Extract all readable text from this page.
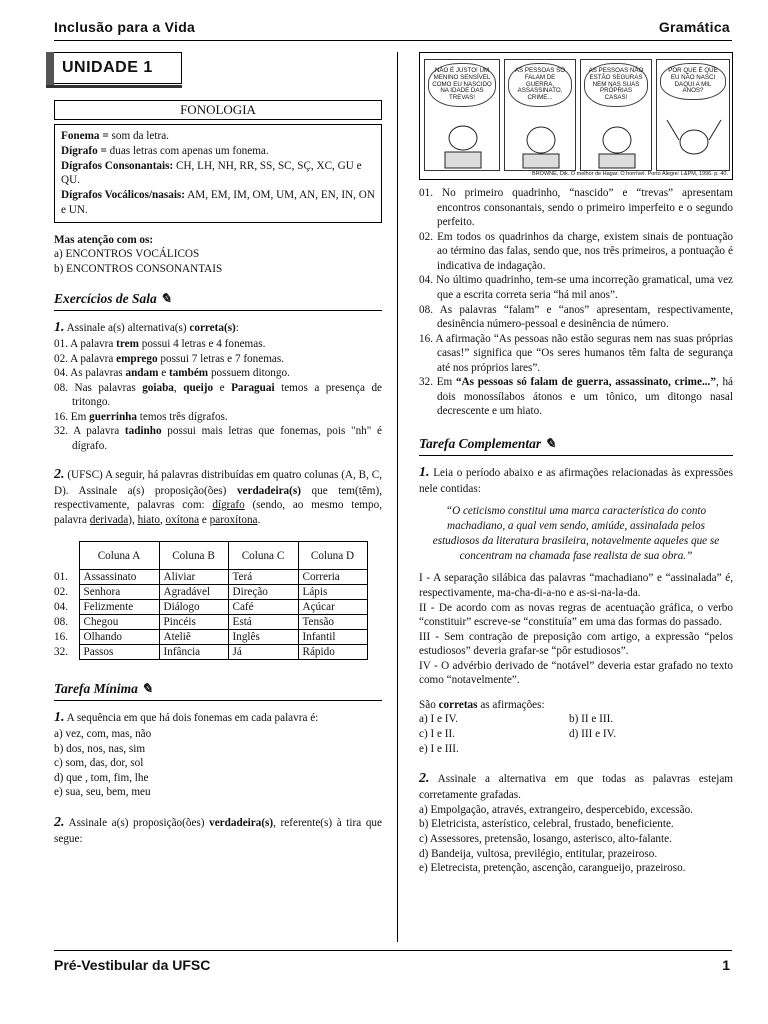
Inclusão para a Vida	Gramática
UNIDADE 1
FONOLOGIA

Fonema = som da letra.

Dígrafo = duas letras com apenas um fonema.

Dígrafos Consonantais: CH, LH, NH, RR, SS, SC, SÇ, XC, GU e QU.

Dígrafos Vocálicos/nasais: AM, EM, IM, OM, UM, AN, EN, IN, ON e UN.

Mas atenção com os:

a) ENCONTROS VOCÁLICOS

b) ENCONTROS CONSONANTAIS

Exercícios de Sala ✎

1. Assinale a(s) alternativa(s) correta(s):

01. A palavra trem possui 4 letras e 4 fonemas.

02. A palavra emprego possui 7 letras e 7 fonemas.

04. As palavras andam e também possuem ditongo.

08. Nas palavras goiaba, queijo e Paraguai temos a presença de tritongo.

16. Em guerrinha temos três dígrafos.

32. A palavra tadinho possui mais letras que fonemas, pois "nh" é dígrafo.

2. (UFSC) A seguir, há palavras distribuídas em quatro colunas (A, B, C, D). Assinale a(s) proposição(ões) verdadeira(s) que tem(têm), respectivamente, palavras com: dígrafo (sendo, ao mesmo tempo, palavra derivada), hiato, oxítona e paroxítona.

	Coluna A	Coluna B	Coluna C	Coluna D
01.	Assassinato	Aliviar	Terá	Correria
02.	Senhora	Agradável	Direção	Lápis
04.	Felizmente	Diálogo	Café	Açúcar
08.	Chegou	Pincéis	Está	Tensão
16.	Olhando	Ateliê	Inglês	Infantil
32.	Passos	Infância	Já	Rápido
Tarefa Mínima ✎

1. A sequência em que há dois fonemas em cada palavra é:

a) vez, com, mas, não

b) dos, nos, nas, sim

c) som, das, dor, sol

d) que , tom, fim, lhe

e) sua, seu, bem, meu

2. Assinale a(s) proposição(ões) verdadeira(s), referente(s) à tira que segue:

NÃO É JUSTO! UM MENINO SENSÍVEL COMO EU NASCIDO NA IDADE DAS TREVAS!
AS PESSOAS SÓ FALAM DE GUERRA, ASSASSINATO, CRIME...
AS PESSOAS NÃO ESTÃO SEGURAS NEM NAS SUAS PRÓPRIAS CASAS!
POR QUE É QUE EU NÃO NASCI DAQUI A MIL ANOS?
BROWNE, Dik. O melhor de Hagar. O horrível. Porto Alegre: L&PM, 1996. p. 40.

01. No primeiro quadrinho, “nascido” e “trevas” apresentam encontros consonantais, sendo o primeiro imperfeito e o segundo perfeito.

02. Em todos os quadrinhos da charge, existem sinais de pontuação ao término das falas, sendo que, nos três primeiros, a pontuação é indicativa de indagação.

04. No último quadrinho, tem-se uma incorreção gramatical, uma vez que a escrita correta seria “há mil anos”.

08. As palavras “falam” e “anos” apresentam, respectivamente, desinência número-pessoal e desinência de número.

16. A afirmação “As pessoas não estão seguras nem nas suas próprias casas!” significa que “Os seres humanos têm falta de segurança até nos próprios lares”.

32. Em “As pessoas só falam de guerra, assassinato, crime...”, há dois monossílabos átonos e um tônico, um ditongo nasal decrescente e um hiato.

Tarefa Complementar ✎

1. Leia o período abaixo e as afirmações relacionadas às expressões nele contidas:

“O ceticismo constitui uma marca característica do conto machadiano, a qual vem sendo, amiúde, assinalada pelos estudiosos da literatura brasileira, notavelmente aqueles que se concentram na chamada fase realista de sua obra.”

I - A separação silábica das palavras “machadiano” e “assinalada” é, respectivamente, ma-cha-di-a-no e as-si-na-la-da.

II - De acordo com as novas regras de acentuação gráfica, o verbo “constituir” escreve-se “constituía” em uma das formas do passado.

III - Sem contração de preposição com artigo, a expressão “pelos estudiosos” deveria grafar-se “pôr estudiosos”.

IV - O advérbio derivado de “notável” deveria estar grafado no texto como “notavelmente”.

São corretas as afirmações:

a) I e IV.	b) II e III.
c) I e II.	d) III e IV.
e) I e III.

2. Assinale a alternativa em que todas as palavras estejam corretamente grafadas.

a) Empolgação, através, extrangeiro, despercebido, excessão.

b) Eletricista, asterístico, celebral, frustado, beneficiente.

c) Assessores, pretensão, losango, asterisco, alto-falante.

d) Bandeija, vultosa, previlégio, entitular, prazeiroso.

e) Eletrecista, pretenção, ascenção, carangueijo, prazeiroso.

Pré-Vestibular da UFSC	1
